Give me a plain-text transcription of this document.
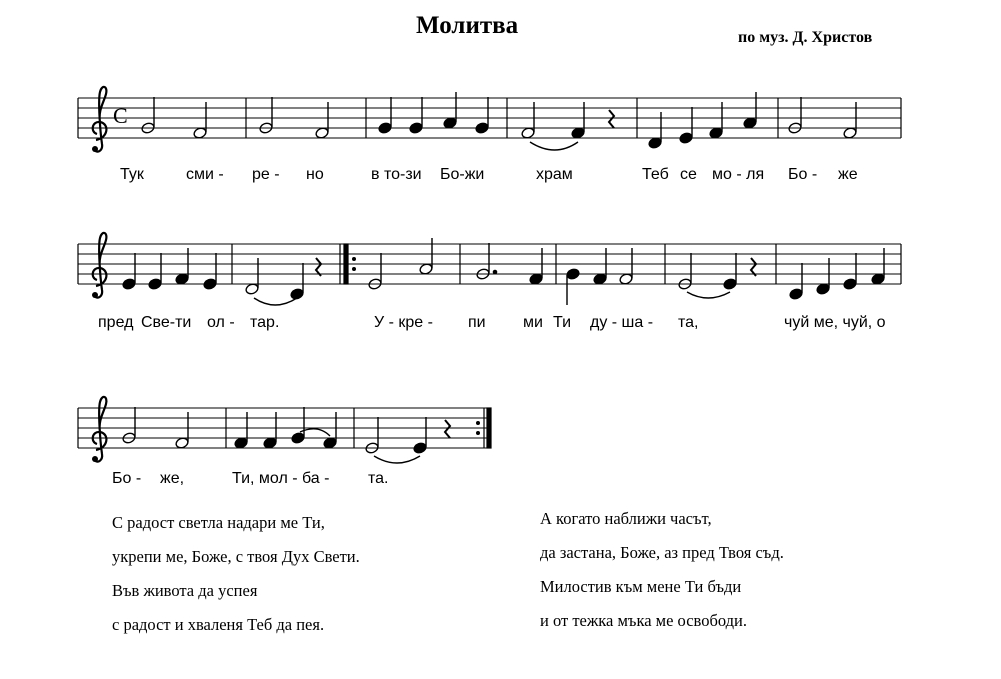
Молитва	по муз. Д. Христов
C
Тук	сми - ре - но	в то-зи Бо-жи	храм	Теб се мо - ля Бо - же
пред Све-ти ол - тар.	У - кре - пи ми Ти ду - ша - та,	чуй ме, чуй, о
Бо - же,	Ти, мол - ба - та.
С радост светла надари ме Ти,
укрепи ме, Боже, с твоя Дух Свети.
Във живота да успея
с радост и хваленя Теб да пея.
А когато наближи часът,
да застана, Боже, аз пред Твоя съд.
Милостив към мене Ти бъди
и от тежка мъка ме освободи.
